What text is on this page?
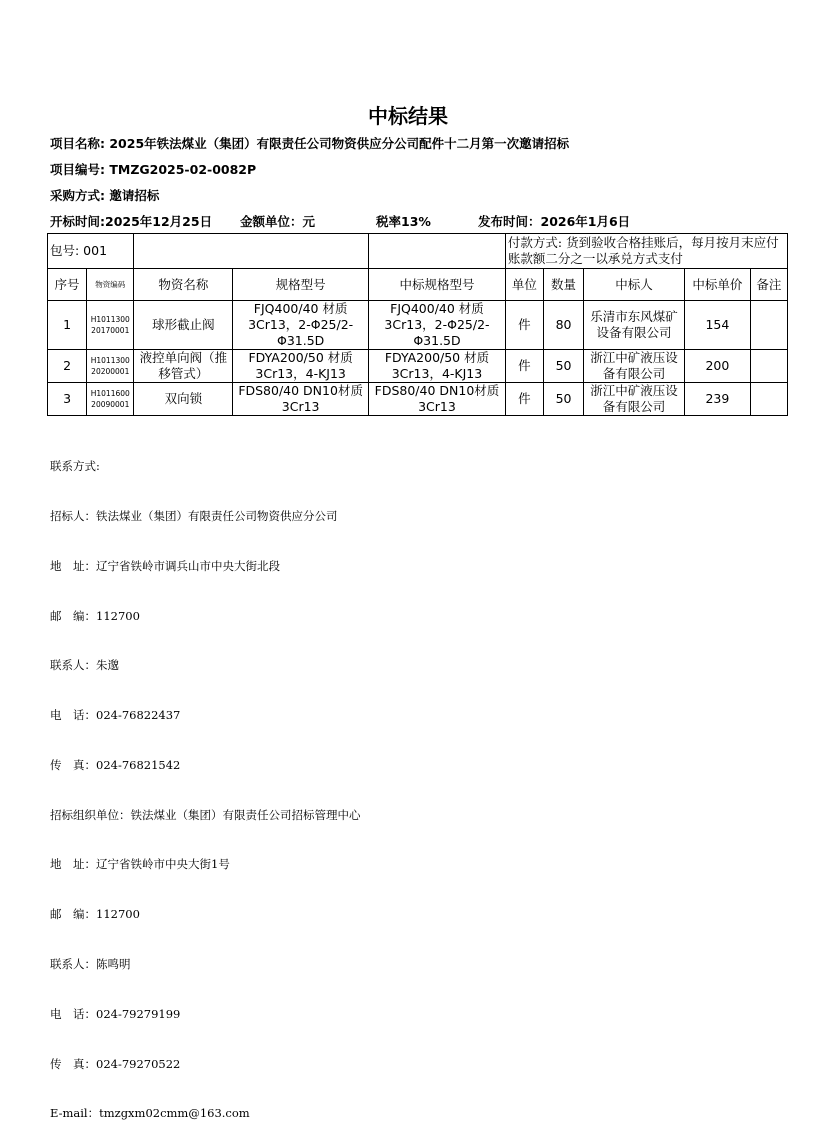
中标结果
项目名称: 2025年铁法煤业（集团）有限责任公司物资供应分公司配件十二月第一次邀请招标
项目编号: TMZG2025-02-0082P
采购方式: 邀请招标
开标时间:2025年12月25日 金额单位：元	税率13%	发布时间：2026年1月6日
包号: 001					付款方式: 货到验收合格挂账后，每月按月末应付账款额二分之一以承兑方式支付				
序号	物资编码	物资名称	规格型号	中标规格型号	单位	数量	中标人	中标单价	备注
1	H101130020170001	球形截止阀	FJQ400/40 材质3Cr13，2-Φ25/2-Φ31.5D	FJQ400/40 材质3Cr13，2-Φ25/2-Φ31.5D	件	80	乐清市东风煤矿设备有限公司	154	
2	H101130020200001	液控单向阀（推移管式）	FDYA200/50 材质3Cr13，4-KJ13	FDYA200/50 材质3Cr13，4-KJ13	件	50	浙江中矿液压设备有限公司	200	
3	H101160020090001	双向锁	FDS80/40 DN10材质3Cr13	FDS80/40 DN10材质3Cr13	件	50	浙江中矿液压设备有限公司	239	

联系方式:

招标人：铁法煤业（集团）有限责任公司物资供应分公司

地　址：辽宁省铁岭市调兵山市中央大街北段

邮　编：112700

联系人：朱邈

电　话：024-76822437

传　真：024-76821542

招标组织单位：铁法煤业（集团）有限责任公司招标管理中心

地　址：辽宁省铁岭市中央大街1号

邮　编：112700

联系人：陈鸣明

电　话：024-79279199

传　真：024-79270522

E-mail：tmzgxm02cmm@163.com
